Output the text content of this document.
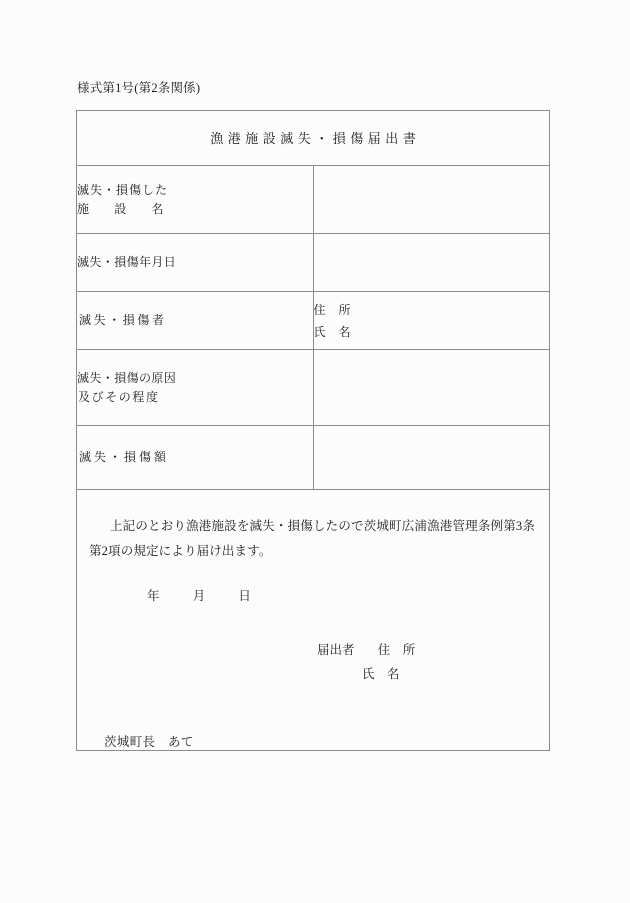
様式第1号(第2条関係)
漁港施設滅失・損傷届出書	

滅失・損傷した
施　　設　　名	

滅失・損傷年月日	

滅失・損傷者	住　所
氏　名

滅失・損傷の原因
及びその程度	

滅失・損傷額	

上記のとおり漁港施設を滅失・損傷したので茨城町広浦漁港管理条例第3条第2項の規定により届け出ます。
年 月 日
届出者 住　所
氏　名
茨城町長　あて	
